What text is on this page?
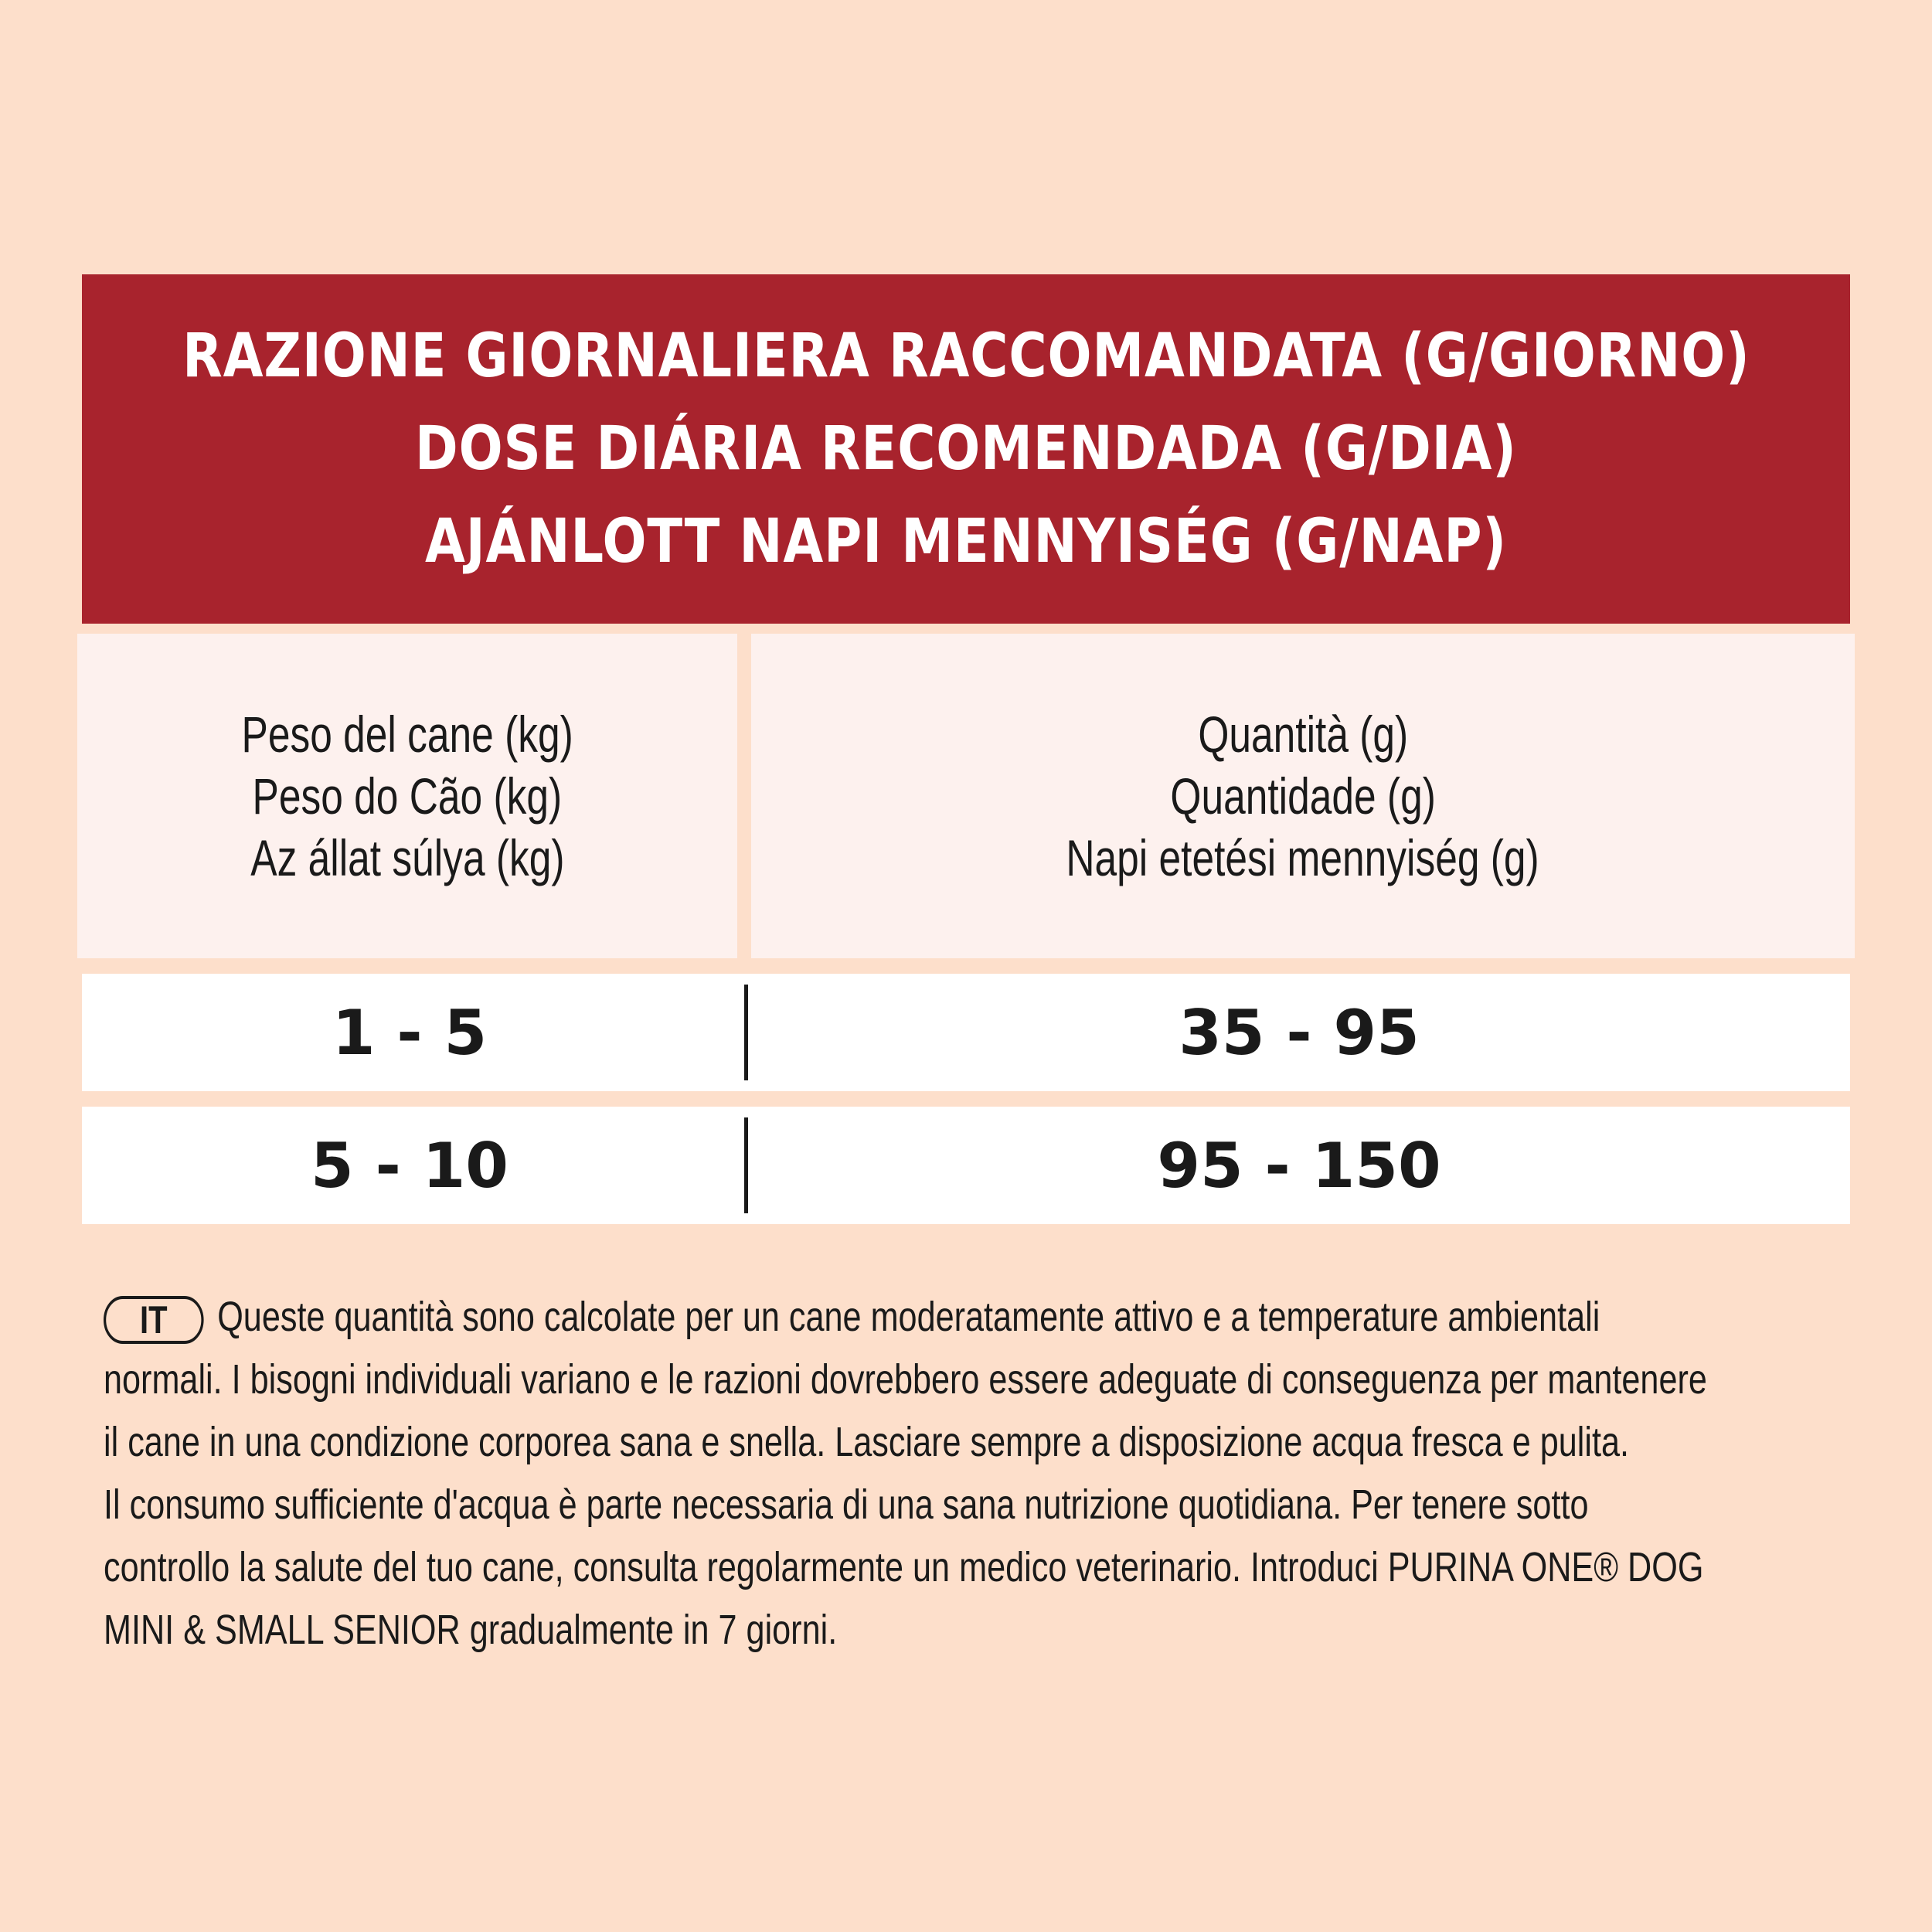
RAZIONE GIORNALIERA RACCOMANDATA (G/GIORNO)
DOSE DIÁRIA RECOMENDADA (G/DIA)
AJÁNLOTT NAPI MENNYISÉG (G/NAP)
Peso del cane (kg)
Peso do Cão (kg)
Az állat súlya (kg)
Quantità (g)
Quantidade (g)
Napi etetési mennyiség (g)
1 - 5	35 - 95
5 - 10	95 - 150
IT Queste quantità sono calcolate per un cane moderatamente attivo e a temperature ambientali
normali. I bisogni individuali variano e le razioni dovrebbero essere adeguate di conseguenza per mantenere
il cane in una condizione corporea sana e snella. Lasciare sempre a disposizione acqua fresca e pulita.
Il consumo sufficiente d'acqua è parte necessaria di una sana nutrizione quotidiana. Per tenere sotto
controllo la salute del tuo cane, consulta regolarmente un medico veterinario. Introduci PURINA ONE® DOG
MINI & SMALL SENIOR gradualmente in 7 giorni.
